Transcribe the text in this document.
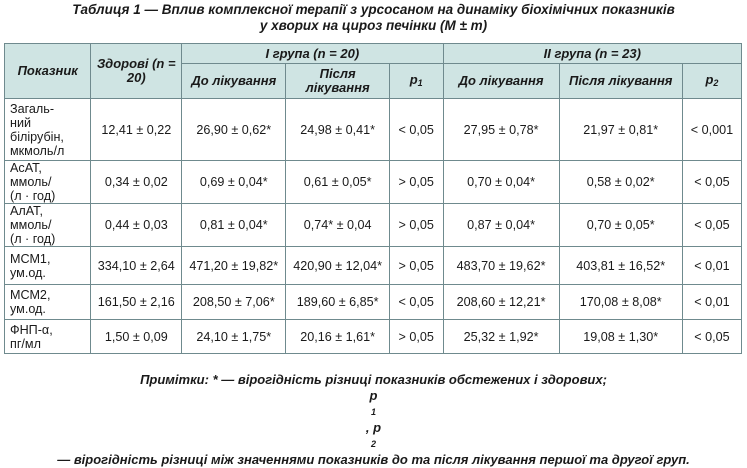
Таблиця 1 — Вплив комплексної терапії з урсосаном на динаміку біохімічних показників
у хворих на цироз печінки (M ± m)
Показник	Здорові (n = 20)	I група (n = 20)			II група (n = 23)		
		До лікування	Після лікування	$p_1$	До лікування	Після лікування	$p_2$
Загаль-
ний
білірубін,
мкмоль/л	12,41 ± 0,22	26,90 ± 0,62*	24,98 ± 0,41*	< 0,05	27,95 ± 0,78*	21,97 ± 0,81*	< 0,001
АсАТ,
ммоль/
(л · год)	0,34 ± 0,02	0,69 ± 0,04*	0,61 ± 0,05*	> 0,05	0,70 ± 0,04*	0,58 ± 0,02*	< 0,05
АлАТ,
ммоль/
(л · год)	0,44 ± 0,03	0,81 ± 0,04*	0,74* ± 0,04	> 0,05	0,87 ± 0,04*	0,70 ± 0,05*	< 0,05
МСМ1,
ум.од.	334,10 ± 2,64	471,20 ± 19,82*	420,90 ± 12,04*	> 0,05	483,70 ± 19,62*	403,81 ± 16,52*	< 0,01
МСМ2,
ум.од.	161,50 ± 2,16	208,50 ± 7,06*	189,60 ± 6,85*	< 0,05	208,60 ± 12,21*	170,08 ± 8,08*	< 0,01
ФНП-α,
пг/мл	1,50 ± 0,09	24,10 ± 1,75*	20,16 ± 1,61*	> 0,05	25,32 ± 1,92*	19,08 ± 1,30*	< 0,05
Примітки: * — вірогідність різниці показників обстежених і здорових;
p
1
, p
2
— вірогідність різниці між значеннями показників до та після лікування першої та другої груп.
